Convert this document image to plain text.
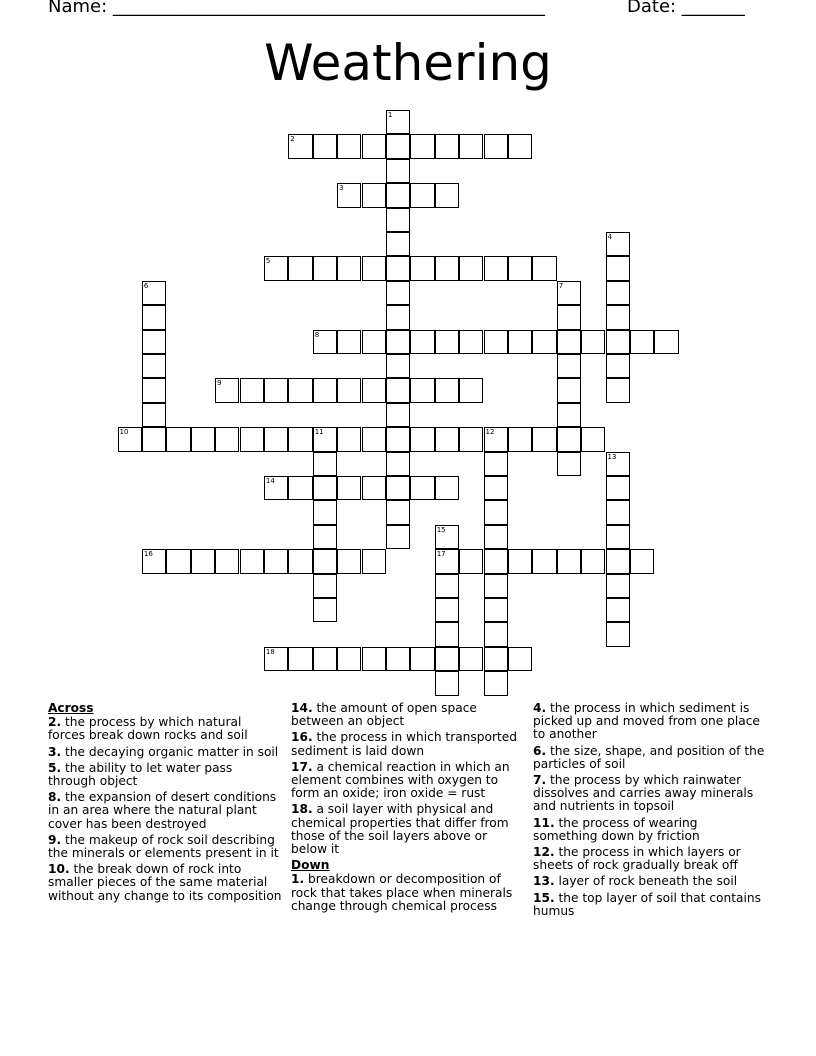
Name: ________________________________________________	Date: _______
Weathering
1
2
3
4
5
6	7
8
9
10	11	12
13
14
15
17
16
18
Across
2. the process by which natural forces break down rocks and soil
3. the decaying organic matter in soil
5. the ability to let water pass through object
8. the expansion of desert conditions in an area where the natural plant cover has been destroyed
9. the makeup of rock soil describing the minerals or elements present in it
10. the break down of rock into smaller pieces of the same material without any change to its composition
14. the amount of open space between an object
16. the process in which transported sediment is laid down
17. a chemical reaction in which an element combines with oxygen to form an oxide; iron oxide = rust
18. a soil layer with physical and chemical properties that differ from those of the soil layers above or below it
Down
1. breakdown or decomposition of rock that takes place when minerals change through chemical process
4. the process in which sediment is picked up and moved from one place to another
6. the size, shape, and position of the particles of soil
7. the process by which rainwater dissolves and carries away minerals and nutrients in topsoil
11. the process of wearing something down by friction
12. the process in which layers or sheets of rock gradually break off
13. layer of rock beneath the soil
15. the top layer of soil that contains humus
